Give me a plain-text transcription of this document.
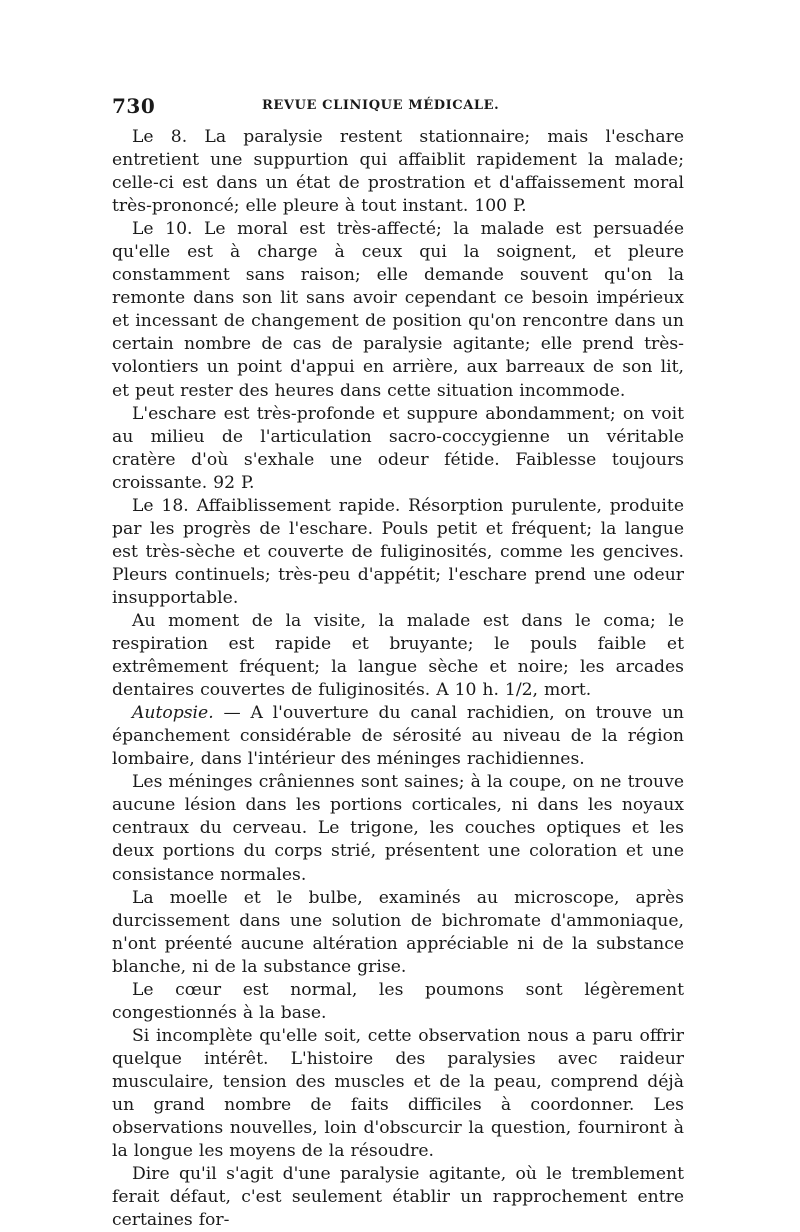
730	REVUE CLINIQUE MÉDICALE.

Le 8. La paralysie restent stationnaire; mais l'eschare entretient une suppurtion qui affaiblit rapidement la malade; celle-ci est dans un état de prostration et d'affaissement moral très-prononcé; elle pleure à tout instant. 100 P.

Le 10. Le moral est très-affecté; la malade est persuadée qu'elle est à charge à ceux qui la soignent, et pleure constamment sans raison; elle demande souvent qu'on la remonte dans son lit sans avoir cependant ce besoin impérieux et incessant de changement de position qu'on rencontre dans un certain nombre de cas de paralysie agitante; elle prend très-volontiers un point d'appui en arrière, aux barreaux de son lit, et peut rester des heures dans cette situation incommode.

L'eschare est très-profonde et suppure abondamment; on voit au milieu de l'articulation sacro-coccygienne un véritable cratère d'où s'exhale une odeur fétide. Faiblesse toujours croissante. 92 P.

Le 18. Affaiblissement rapide. Résorption purulente, produite par les progrès de l'eschare. Pouls petit et fréquent; la langue est très-sèche et couverte de fuliginosités, comme les gencives. Pleurs continuels; très-peu d'appétit; l'eschare prend une odeur insupportable.

Au moment de la visite, la malade est dans le coma; le respiration est rapide et bruyante; le pouls faible et extrêmement fréquent; la langue sèche et noire; les arcades dentaires couvertes de fuliginosités. A 10 h. 1/2, mort.

Autopsie. — A l'ouverture du canal rachidien, on trouve un épanchement considérable de sérosité au niveau de la région lombaire, dans l'intérieur des méninges rachidiennes.

Les méninges crâniennes sont saines; à la coupe, on ne trouve aucune lésion dans les portions corticales, ni dans les noyaux centraux du cerveau. Le trigone, les couches optiques et les deux portions du corps strié, présentent une coloration et une consistance normales.

La moelle et le bulbe, examinés au microscope, après durcissement dans une solution de bichromate d'ammoniaque, n'ont préenté aucune altération appréciable ni de la substance blanche, ni de la substance grise.

Le cœur est normal, les poumons sont légèrement congestionnés à la base.

Si incomplète qu'elle soit, cette observation nous a paru offrir quelque intérêt. L'histoire des paralysies avec raideur musculaire, tension des muscles et de la peau, comprend déjà un grand nombre de faits difficiles à coordonner. Les observations nouvelles, loin d'obscurcir la question, fourniront à la longue les moyens de la résoudre.

Dire qu'il s'agit d'une paralysie agitante, où le tremblement ferait défaut, c'est seulement établir un rapprochement entre certaines for-
